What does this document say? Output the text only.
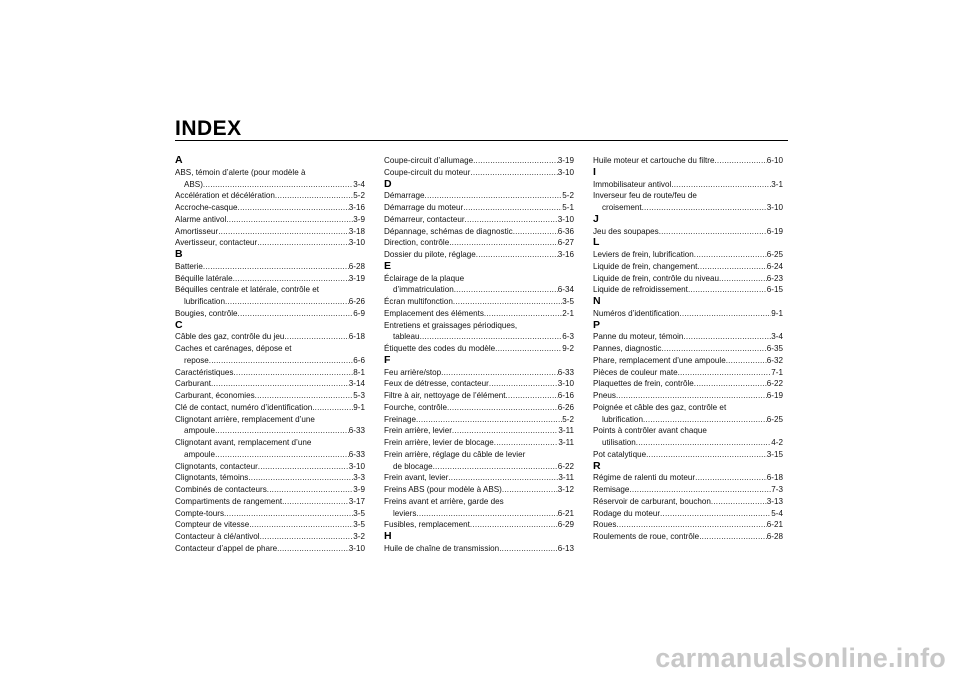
INDEX
A
ABS, témoin d’alerte (pour modèle à
ABS) .....	3-4
Accélération et décélération .....	5-2
Accroche-casque .....	3-16
Alarme antivol .....	3-9
Amortisseur .....	3-18
Avertisseur, contacteur .....	3-10
B
Batterie .....	6-28
Béquille latérale .....	3-19
Béquilles centrale et latérale, contrôle et
lubrification .....	6-26
Bougies, contrôle .....	6-9
C
Câble des gaz, contrôle du jeu .....	6-18
Caches et carénages, dépose et
repose .....	6-6
Caractéristiques .....	8-1
Carburant .....	3-14
Carburant, économies .....	5-3
Clé de contact, numéro d’identification .....	9-1
Clignotant arrière, remplacement d’une
ampoule .....	6-33
Clignotant avant, remplacement d’une
ampoule .....	6-33
Clignotants, contacteur .....	3-10
Clignotants, témoins .....	3-3
Combinés de contacteurs .....	3-9
Compartiments de rangement .....	3-17
Compte-tours .....	3-5
Compteur de vitesse .....	3-5
Contacteur à clé/antivol .....	3-2
Contacteur d’appel de phare .....	3-10
Coupe-circuit d’allumage .....	3-19
Coupe-circuit du moteur .....	3-10
D
Démarrage .....	5-2
Démarrage du moteur .....	5-1
Démarreur, contacteur .....	3-10
Dépannage, schémas de diagnostic .....	6-36
Direction, contrôle .....	6-27
Dossier du pilote, réglage .....	3-16
E
Éclairage de la plaque
d’immatriculation .....	6-34
Écran multifonction .....	3-5
Emplacement des éléments .....	2-1
Entretiens et graissages périodiques,
tableau .....	6-3
Étiquette des codes du modèle .....	9-2
F
Feu arrière/stop .....	6-33
Feux de détresse, contacteur .....	3-10
Filtre à air, nettoyage de l’élément .....	6-16
Fourche, contrôle .....	6-26
Freinage .....	5-2
Frein arrière, levier .....	3-11
Frein arrière, levier de blocage .....	3-11
Frein arrière, réglage du câble de levier
de blocage .....	6-22
Frein avant, levier .....	3-11
Freins ABS (pour modèle à ABS) .....	3-12
Freins avant et arrière, garde des
leviers .....	6-21
Fusibles, remplacement .....	6-29
H
Huile de chaîne de transmission .....	6-13
Huile moteur et cartouche du filtre .....	6-10
I
Immobilisateur antivol .....	3-1
Inverseur feu de route/feu de
croisement .....	3-10
J
Jeu des soupapes .....	6-19
L
Leviers de frein, lubrification .....	6-25
Liquide de frein, changement .....	6-24
Liquide de frein, contrôle du niveau .....	6-23
Liquide de refroidissement .....	6-15
N
Numéros d’identification .....	9-1
P
Panne du moteur, témoin .....	3-4
Pannes, diagnostic .....	6-35
Phare, remplacement d’une ampoule .....	6-32
Pièces de couleur mate .....	7-1
Plaquettes de frein, contrôle .....	6-22
Pneus .....	6-19
Poignée et câble des gaz, contrôle et
lubrification .....	6-25
Points à contrôler avant chaque
utilisation .....	4-2
Pot catalytique .....	3-15
R
Régime de ralenti du moteur .....	6-18
Remisage .....	7-3
Réservoir de carburant, bouchon .....	3-13
Rodage du moteur .....	5-4
Roues .....	6-21
Roulements de roue, contrôle .....	6-28
carmanualsonline.info
